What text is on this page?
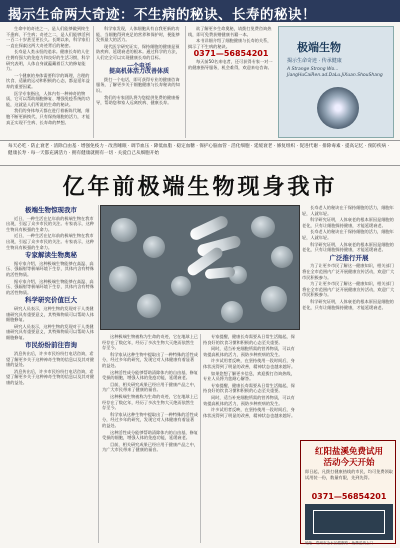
揭示生命两大奇迹：不生病的秘诀、长寿的秘诀！

生命中的奇迹之一，是人们能够做到终生不患病、不生病；奇迹之二，是人们能够活到一百二十岁甚至更长久。长期以来，科学家们一直在探索这两大奇迹背后的秘密。

长寿是人类永恒的追求。健康长寿的人往往拥有强大的免疫力和良好的生活习惯，科学研究表明，人体自身就蕴藏着巨大的修复能力。

一个健康的身体需要科学的调理，合理的饮食、适量的运动和积极的心态，都是延年益寿的重要因素。

医学专家指出，人体内有一种神奇的物质，它可以帮助细胞修复、增强免疫系统的功能，这就是人们所说的生命的秘诀。

我们的身体每天都在进行着新陈代谢，细胞不断更新换代，只有保持细胞的活力，才能真正实现不生病、长寿命的梦想。

科学家发现，人体细胞具有自我更新的功能，当细胞得到充足的营养和保护时，便能够发挥最大的活力。

现代医学研究证实，保持细胞的健康是预防疾病、延缓衰老的根本。通过科学的方法，人们完全可以实现健康长寿的目标。

一个电话
提高机体活力改善体质

拨打一个电话，即可获得专业的健康咨询服务，了解更多关于细胞健康与长寿秘诀的知识。

我们的专家团队将为您提供免费的健康指导，帮助您和家人远离疾病、健康长寿。

欲了解更多生命奥秘，请拨打免费咨询热线，即可免费获赠健康书籍一本。

本书详细介绍了细胞健康与长寿的关系，揭示了不生病的秘诀。

0371—56854201

每天前50名来电者，还可获得专家一对一的健康指导服务，机会难得，欢迎来电咨询。

极端生物
揭示生命奇迹 · 传承健康
A Strange Strong Wo...
JiangHuCaiRen.ad.DaLu.JiXuan.ShouShang
每天必吃 · 防止衰老 · 清除自由基 · 增强免疫力 · 改善睡眠 · 调节血压 · 降低血脂 · 稳定血糖 · 保护心脑血管 · 活化细胞 · 延缓衰老 · 修复组织 · 促进代谢 · 排除毒素 · 提高记忆 · 预防疾病 · 健康长寿 · 每一天都充满活力 · 拥有健康就拥有一切 · 关爱自己从细胞开始
亿年前极端生物现身我市
极端生物惊现我市

近日，一种生活在亿年前的极端生物在我市出现，引起了众多市民的关注。专家表示，这种生物具有极强的生命力。

近日，一种生活在亿年前的极端生物在我市出现，引起了众多市民的关注。专家表示，这种生物具有极强的生命力。

专家解读生物奥秘

据专家介绍，这种极端生物能够在高温、高压、强辐射等极端环境下生存，其体内含有特殊的活性物质。

据专家介绍，这种极端生物能够在高温、高压、强辐射等极端环境下生存，其体内含有特殊的活性物质。

科学研究价值巨大

研究人员表示，这种生物的发现对于人类健康研究具有重要意义，其特殊物质可以帮助人体细胞修复。

研究人员表示，这种生物的发现对于人类健康研究具有重要意义，其特殊物质可以帮助人体细胞修复。

市民纷纷前往咨询

消息传出后，许多市民纷纷打电话咨询，希望了解更多关于这种神奇生物的信息以及其对健康的益处。

消息传出后，许多市民纷纷打电话咨询，希望了解更多关于这种神奇生物的信息以及其对健康的益处。

这种极端生物被称为生命的奇迹，它在地球上已经存在了数亿年，经历了多次生物大灭绝而依然生存至今。

科学家从这种生物中提取出了一种特殊的活性成分，经过多年的研究，发现它对人体健康有着显著的益处。

这种活性成分能够帮助清除体内的自由基，修复受损的细胞，增强人体的免疫功能，延缓衰老。

目前，相关研究成果已经应用于健康产品之中，为广大市民带来了健康的福音。

这种极端生物被称为生命的奇迹，它在地球上已经存在了数亿年，经历了多次生物大灭绝而依然生存至今。

科学家从这种生物中提取出了一种特殊的活性成分，经过多年的研究，发现它对人体健康有着显著的益处。

这种活性成分能够帮助清除体内的自由基，修复受损的细胞，增强人体的免疫功能，延缓衰老。

目前，相关研究成果已经应用于健康产品之中，为广大市民带来了健康的福音。

专家提醒，健康长寿需要从日常生活做起，保持良好的饮食习惯和积极的心态至关重要。

同时，适当补充细胞所需的营养物质，可以有效提高机体的活力，预防多种疾病的发生。

许多试用者反映，在坚持使用一段时间后，身体状况得到了明显的改善，精神状态也越来越好。

如果您想了解更多信息，欢迎拨打咨询热线，专业人员将为您耐心解答。

专家提醒，健康长寿需要从日常生活做起，保持良好的饮食习惯和积极的心态至关重要。

同时，适当补充细胞所需的营养物质，可以有效提高机体的活力，预防多种疾病的发生。

许多试用者反映，在坚持使用一段时间后，身体状况得到了明显的改善，精神状态也越来越好。

长寿老人的秘诀在于保持细胞的活力，细胞年轻，人就年轻。

科学研究证明，人体衰老的根本原因是细胞的老化，只有让细胞保持健康，才能延缓衰老。

长寿老人的秘诀在于保持细胞的活力，细胞年轻，人就年轻。

科学研究证明，人体衰老的根本原因是细胞的老化，只有让细胞保持健康，才能延缓衰老。

广泛推行开展

为了让更多市民了解这一健康知识，相关部门将在全市范围内广泛开展健康宣传活动，欢迎广大市民积极参与。

为了让更多市民了解这一健康知识，相关部门将在全市范围内广泛开展健康宣传活动，欢迎广大市民积极参与。

科学研究证明，人体衰老的根本原因是细胞的老化，只有让细胞保持健康，才能延缓衰老。

红阳盐溪免费试用
活动今天开始
即日起，凡拨打健康热线的市民，均可免费领取试用装一份，数量有限，先到先得。
0371—56854201
地址：郑州市金水区健康路 · 免费送货上门
